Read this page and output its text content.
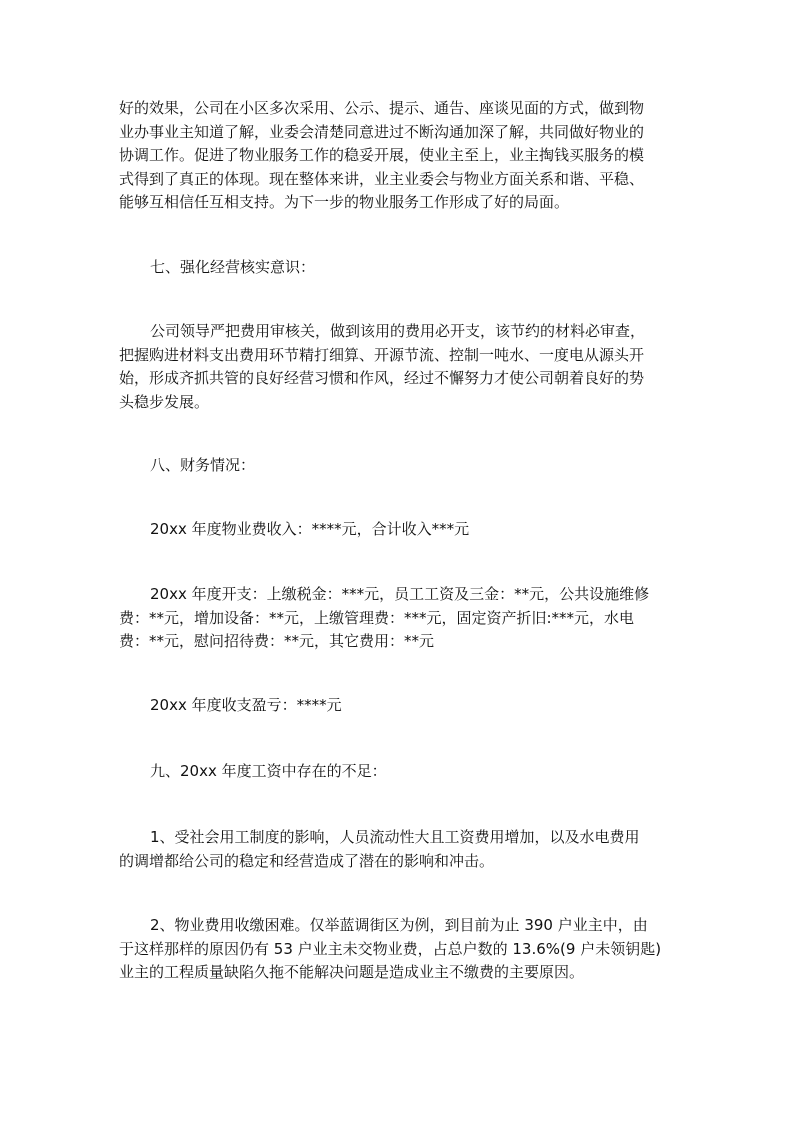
好的效果，公司在小区多次采用、公示、提示、通告、座谈见面的方式，做到物
业办事业主知道了解，业委会清楚同意进过不断沟通加深了解，共同做好物业的
协调工作。促进了物业服务工作的稳妥开展，使业主至上，业主掏钱买服务的模
式得到了真正的体现。现在整体来讲，业主业委会与物业方面关系和谐、平稳、
能够互相信任互相支持。为下一步的物业服务工作形成了好的局面。
七、强化经营核实意识：
公司领导严把费用审核关，做到该用的费用必开支，该节约的材料必审查，
把握购进材料支出费用环节精打细算、开源节流、控制一吨水、一度电从源头开
始，形成齐抓共管的良好经营习惯和作风，经过不懈努力才使公司朝着良好的势
头稳步发展。
八、财务情况：
20xx 年度物业费收入：****元，合计收入***元
20xx 年度开支：上缴税金：***元，员工工资及三金：**元，公共设施维修
费：**元，增加设备：**元，上缴管理费：***元，固定资产折旧:***元，水电
费：**元，慰问招待费：**元，其它费用：**元
20xx 年度收支盈亏：****元
九、20xx 年度工资中存在的不足：
1、受社会用工制度的影响，人员流动性大且工资费用增加，以及水电费用
的调增都给公司的稳定和经营造成了潜在的影响和冲击。
2、物业费用收缴困难。仅举蓝调街区为例，到目前为止 390 户业主中，由
于这样那样的原因仍有 53 户业主未交物业费，占总户数的 13.6%(9 户未领钥匙)
业主的工程质量缺陷久拖不能解决问题是造成业主不缴费的主要原因。
